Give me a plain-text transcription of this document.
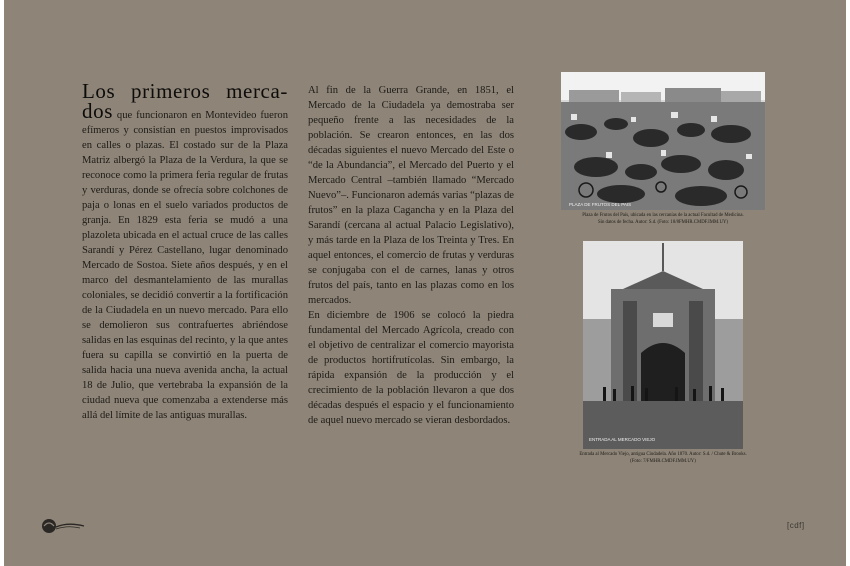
Los primeros merca-dos que funcionaron en Montevideo fueron efímeros y consistían en puestos improvisados en calles o plazas. El costado sur de la Plaza Matriz albergó la Plaza de la Verdura, la que se reconoce como la primera feria regular de frutas y verduras, donde se ofrecía sobre colchones de paja o lonas en el suelo variados productos de granja. En 1829 esta feria se mudó a una plazoleta ubicada en el actual cruce de las calles Sarandí y Pérez Castellano, lugar denominado Mercado de Sostoa. Siete años después, y en el marco del desmantelamiento de las murallas coloniales, se decidió convertir a la fortificación de la Ciudadela en un nuevo mercado. Para ello se demolieron sus contrafuertes abriéndose salidas en las esquinas del recinto, y la que antes fuera su capilla se convirtió en la puerta de salida hacia una nueva avenida ancha, la actual 18 de Julio, que vertebraba la expansión de la ciudad nueva que comenzaba a extenderse más allá del límite de las antiguas murallas.

Al fin de la Guerra Grande, en 1851, el Mercado de la Ciudadela ya demostraba ser pequeño frente a las necesidades de la población. Se crearon entonces, en las dos décadas siguientes el nuevo Mercado del Este o “de la Abundancia”, el Mercado del Puerto y el Mercado Central –también llamado “Mercado Nuevo”–. Funcionaron además varias “plazas de frutos” en la plaza Cagancha y en la Plaza del Sarandí (cercana al actual Palacio Legislativo), y más tarde en la Plaza de los Treinta y Tres. En aquel entonces, el comercio de frutas y verduras se conjugaba con el de carnes, lanas y otros frutos del país, tanto en las plazas como en los mercados.

En diciembre de 1906 se colocó la piedra fundamental del Mercado Agrícola, creado con el objetivo de centralizar el comercio mayorista de productos hortifrutícolas. Sin embargo, la rápida expansión de la producción y el crecimiento de la población llevaron a que dos décadas después el espacio y el funcionamiento de aquel nuevo mercado se vieran desbordados.

PLAZA DE FRUTOS DEL PAIS
Plaza de Frutos del País, ubicada en las cercanías de la actual Facultad de Medicina.
Sin datos de fecha. Autor: S.d. (Foto: 18/8FMHR.CMDF.IMM.UY)
ENTRADA AL MERCADO VIEJO
Entrada al Mercado Viejo, antigua Ciudadela. Año 1870. Autor: S.d. / Chute & Brooks.
(Foto: 7/FMHR.CMDF.IMM.UY)
[cdf]
